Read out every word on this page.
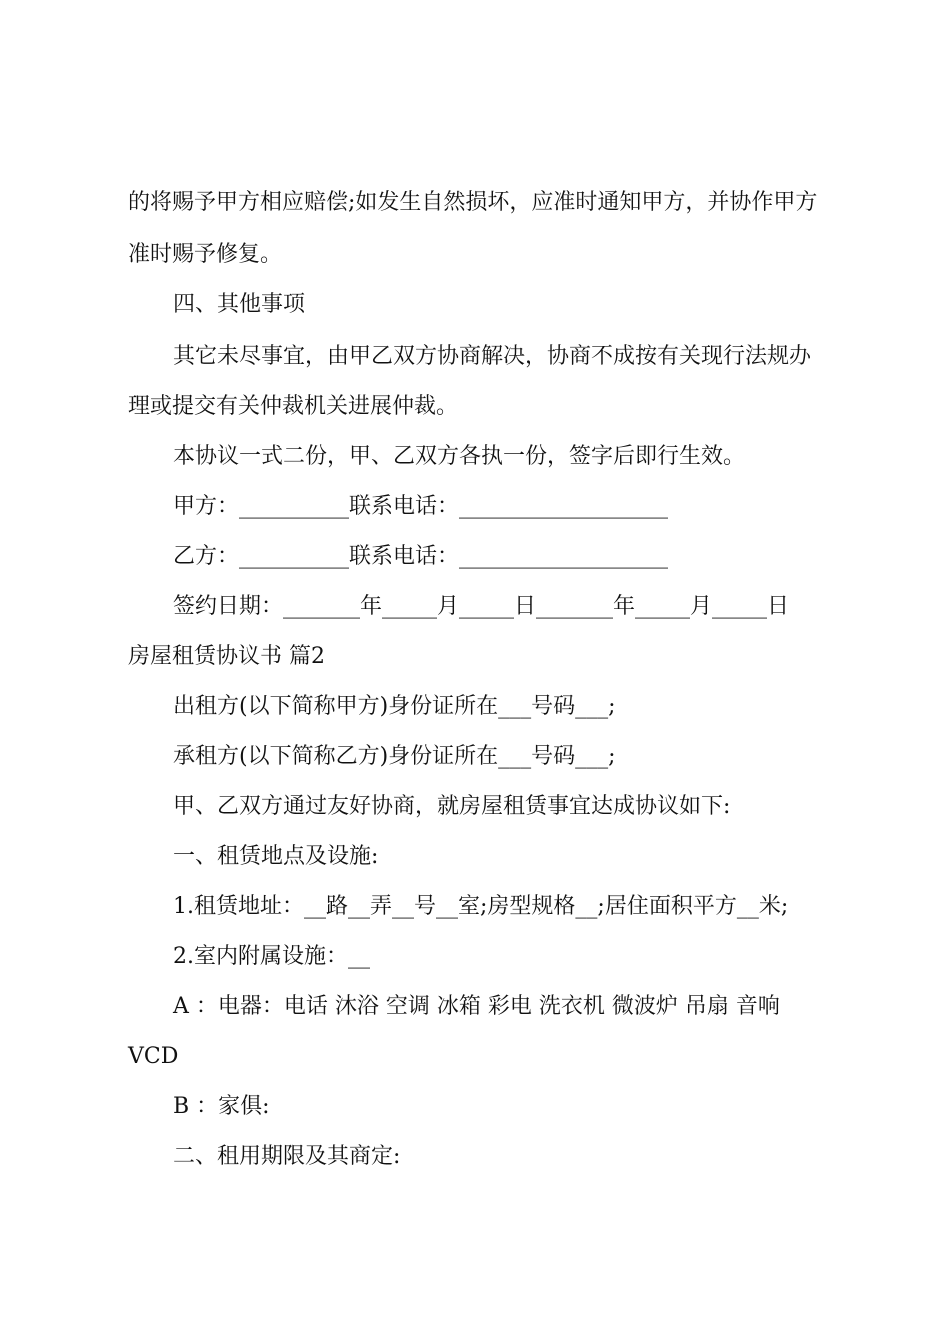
的将赐予甲方相应赔偿;如发生自然损坏，应准时通知甲方，并协作甲方
准时赐予修复。
四、其他事项
其它未尽事宜，由甲乙双方协商解决，协商不成按有关现行法规办
理或提交有关仲裁机关进展仲裁。
本协议一式二份，甲、乙双方各执一份，签字后即行生效。
甲方：__________联系电话：___________________
乙方：__________联系电话：___________________
签约日期：_______年_____月_____日_______年_____月_____日
房屋租赁协议书 篇2
出租方(以下简称甲方)身份证所在___号码___;
承租方(以下简称乙方)身份证所在___号码___;
甲、乙双方通过友好协商，就房屋租赁事宜达成协议如下:
一、租赁地点及设施:
1.租赁地址：__路__弄__号__室;房型规格__;居住面积平方__米;
2.室内附属设施：__
A ：电器：电话 沐浴 空调 冰箱 彩电 洗衣机 微波炉 吊扇 音响
VCD
B ：家俱:
二、租用期限及其商定:
